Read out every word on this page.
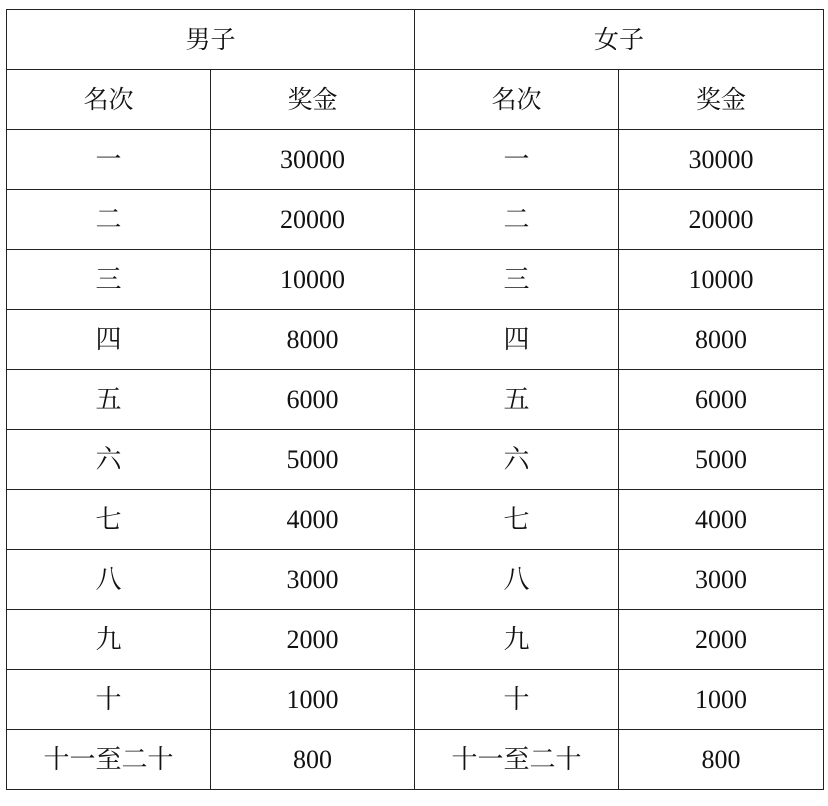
男子		女子	
名次	奖金	名次	奖金
一	30000	一	30000
二	20000	二	20000
三	10000	三	10000
四	8000	四	8000
五	6000	五	6000
六	5000	六	5000
七	4000	七	4000
八	3000	八	3000
九	2000	九	2000
十	1000	十	1000
十一至二十	800	十一至二十	800
